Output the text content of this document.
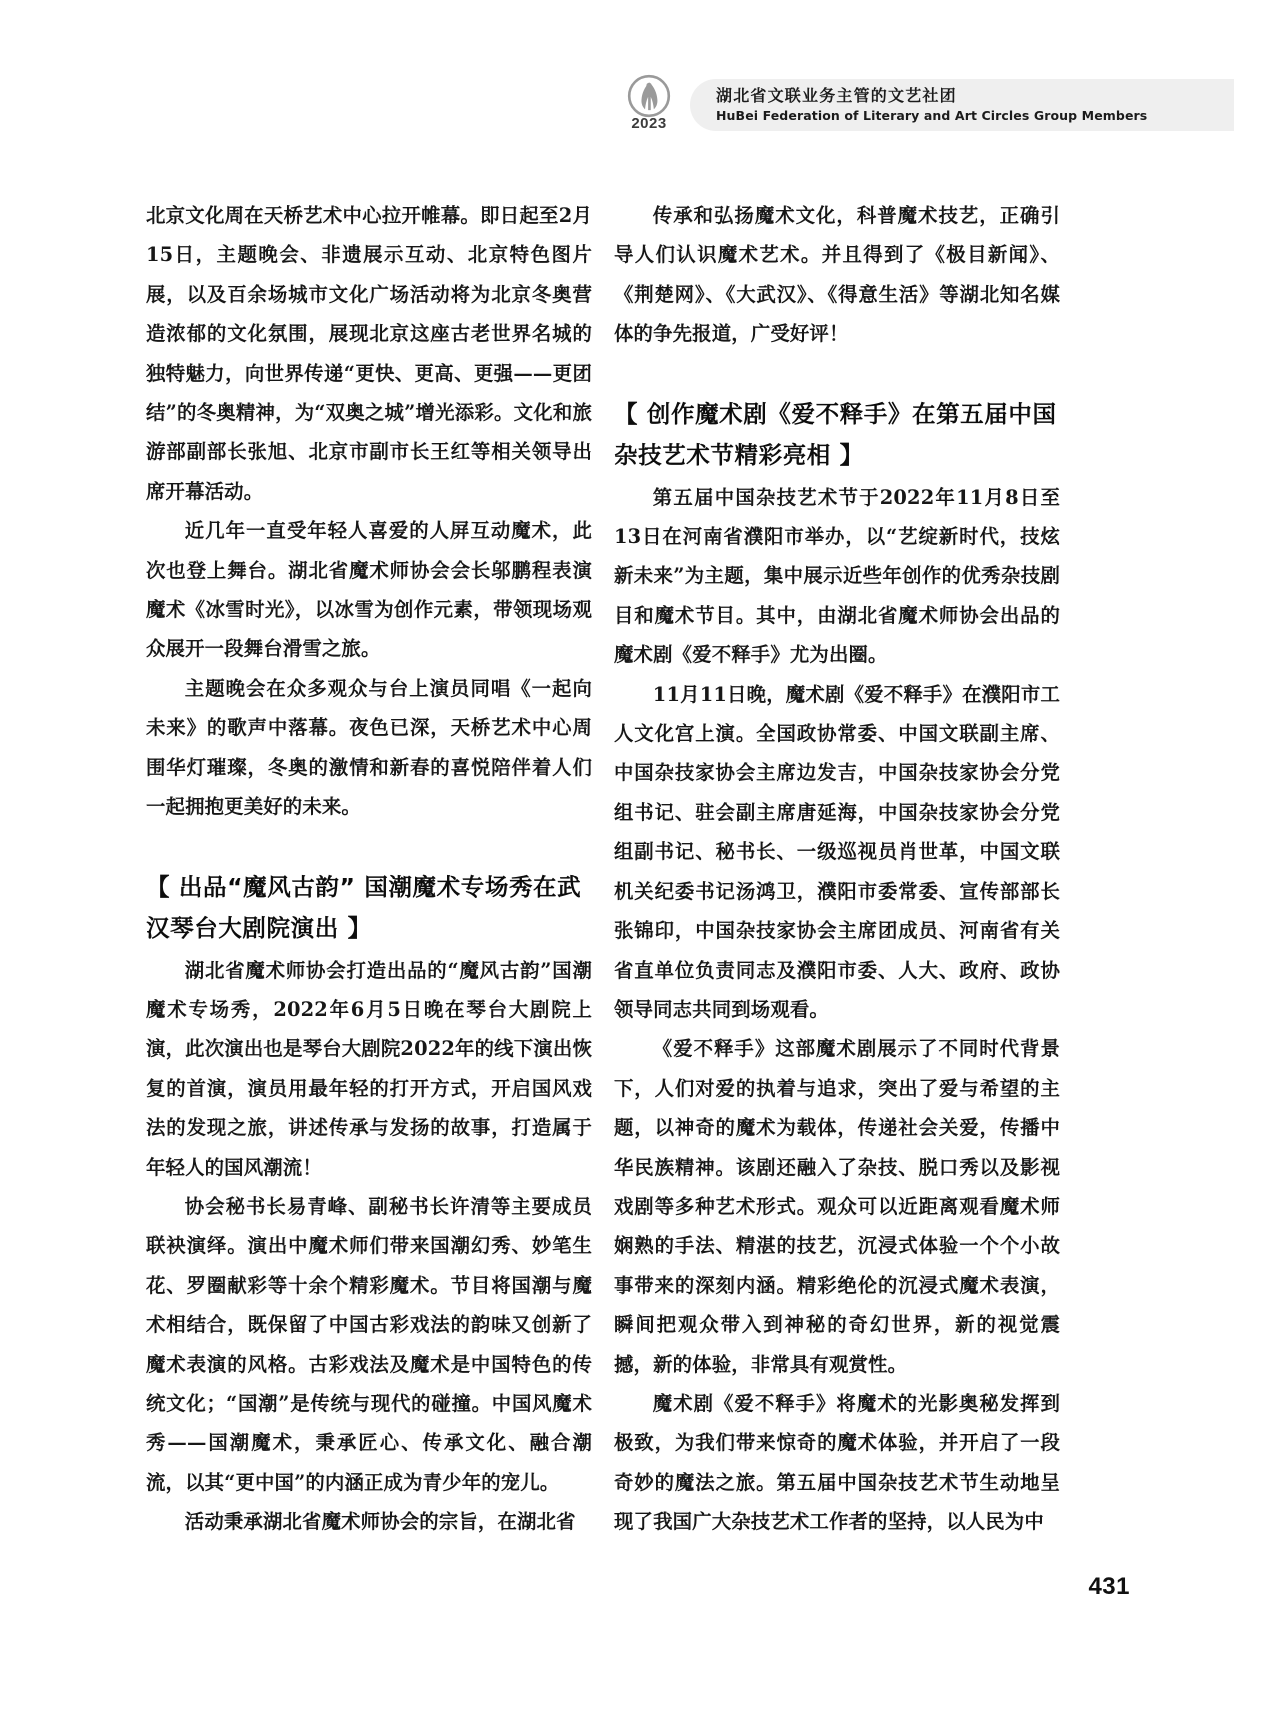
2023
湖北省文联业务主管的文艺社团
HuBei Federation of Literary and Art Circles Group Members

北京文化周在天桥艺术中心拉开帷幕。即日起至2月15日，主题晚会、非遗展示互动、北京特色图片展，以及百余场城市文化广场活动将为北京冬奥营造浓郁的文化氛围，展现北京这座古老世界名城的独特魅力，向世界传递“更快、更高、更强——更团结”的冬奥精神，为“双奥之城”增光添彩。文化和旅游部副部长张旭、北京市副市长王红等相关领导出席开幕活动。

近几年一直受年轻人喜爱的人屏互动魔术，此次也登上舞台。湖北省魔术师协会会长邬鹏程表演魔术《冰雪时光》，以冰雪为创作元素，带领现场观众展开一段舞台滑雪之旅。

主题晚会在众多观众与台上演员同唱《一起向未来》的歌声中落幕。夜色已深，天桥艺术中心周围华灯璀璨，冬奥的激情和新春的喜悦陪伴着人们一起拥抱更美好的未来。

【 出品“魔风古韵” 国潮魔术专场秀在武汉琴台大剧院演出 】

湖北省魔术师协会打造出品的“魔风古韵”国潮魔术专场秀，2022年6月5日晚在琴台大剧院上演，此次演出也是琴台大剧院2022年的线下演出恢复的首演，演员用最年轻的打开方式，开启国风戏法的发现之旅，讲述传承与发扬的故事，打造属于年轻人的国风潮流！

协会秘书长易青峰、副秘书长许清等主要成员联袂演绎。演出中魔术师们带来国潮幻秀、妙笔生花、罗圈献彩等十余个精彩魔术。节目将国潮与魔术相结合，既保留了中国古彩戏法的韵味又创新了魔术表演的风格。古彩戏法及魔术是中国特色的传统文化；“国潮”是传统与现代的碰撞。中国风魔术秀——国潮魔术，秉承匠心、传承文化、融合潮流，以其“更中国”的内涵正成为青少年的宠儿。

活动秉承湖北省魔术师协会的宗旨，在湖北省

传承和弘扬魔术文化，科普魔术技艺，正确引导人们认识魔术艺术。并且得到了《极目新闻》、《荆楚网》、《大武汉》、《得意生活》等湖北知名媒体的争先报道，广受好评！

【 创作魔术剧《爱不释手》在第五届中国杂技艺术节精彩亮相 】

第五届中国杂技艺术节于2022年11月8日至13日在河南省濮阳市举办，以“艺绽新时代，技炫新未来”为主题，集中展示近些年创作的优秀杂技剧目和魔术节目。其中，由湖北省魔术师协会出品的魔术剧《爱不释手》尤为出圈。

11月11日晚，魔术剧《爱不释手》在濮阳市工人文化宫上演。全国政协常委、中国文联副主席、中国杂技家协会主席边发吉，中国杂技家协会分党组书记、驻会副主席唐延海，中国杂技家协会分党组副书记、秘书长、一级巡视员肖世革，中国文联机关纪委书记汤鸿卫，濮阳市委常委、宣传部部长张锦印，中国杂技家协会主席团成员、河南省有关省直单位负责同志及濮阳市委、人大、政府、政协领导同志共同到场观看。

《爱不释手》这部魔术剧展示了不同时代背景下，人们对爱的执着与追求，突出了爱与希望的主题，以神奇的魔术为载体，传递社会关爱，传播中华民族精神。该剧还融入了杂技、脱口秀以及影视戏剧等多种艺术形式。观众可以近距离观看魔术师娴熟的手法、精湛的技艺，沉浸式体验一个个小故事带来的深刻内涵。精彩绝伦的沉浸式魔术表演，瞬间把观众带入到神秘的奇幻世界，新的视觉震撼，新的体验，非常具有观赏性。

魔术剧《爱不释手》将魔术的光影奥秘发挥到极致，为我们带来惊奇的魔术体验，并开启了一段奇妙的魔法之旅。第五届中国杂技艺术节生动地呈现了我国广大杂技艺术工作者的坚持，以人民为中

431
